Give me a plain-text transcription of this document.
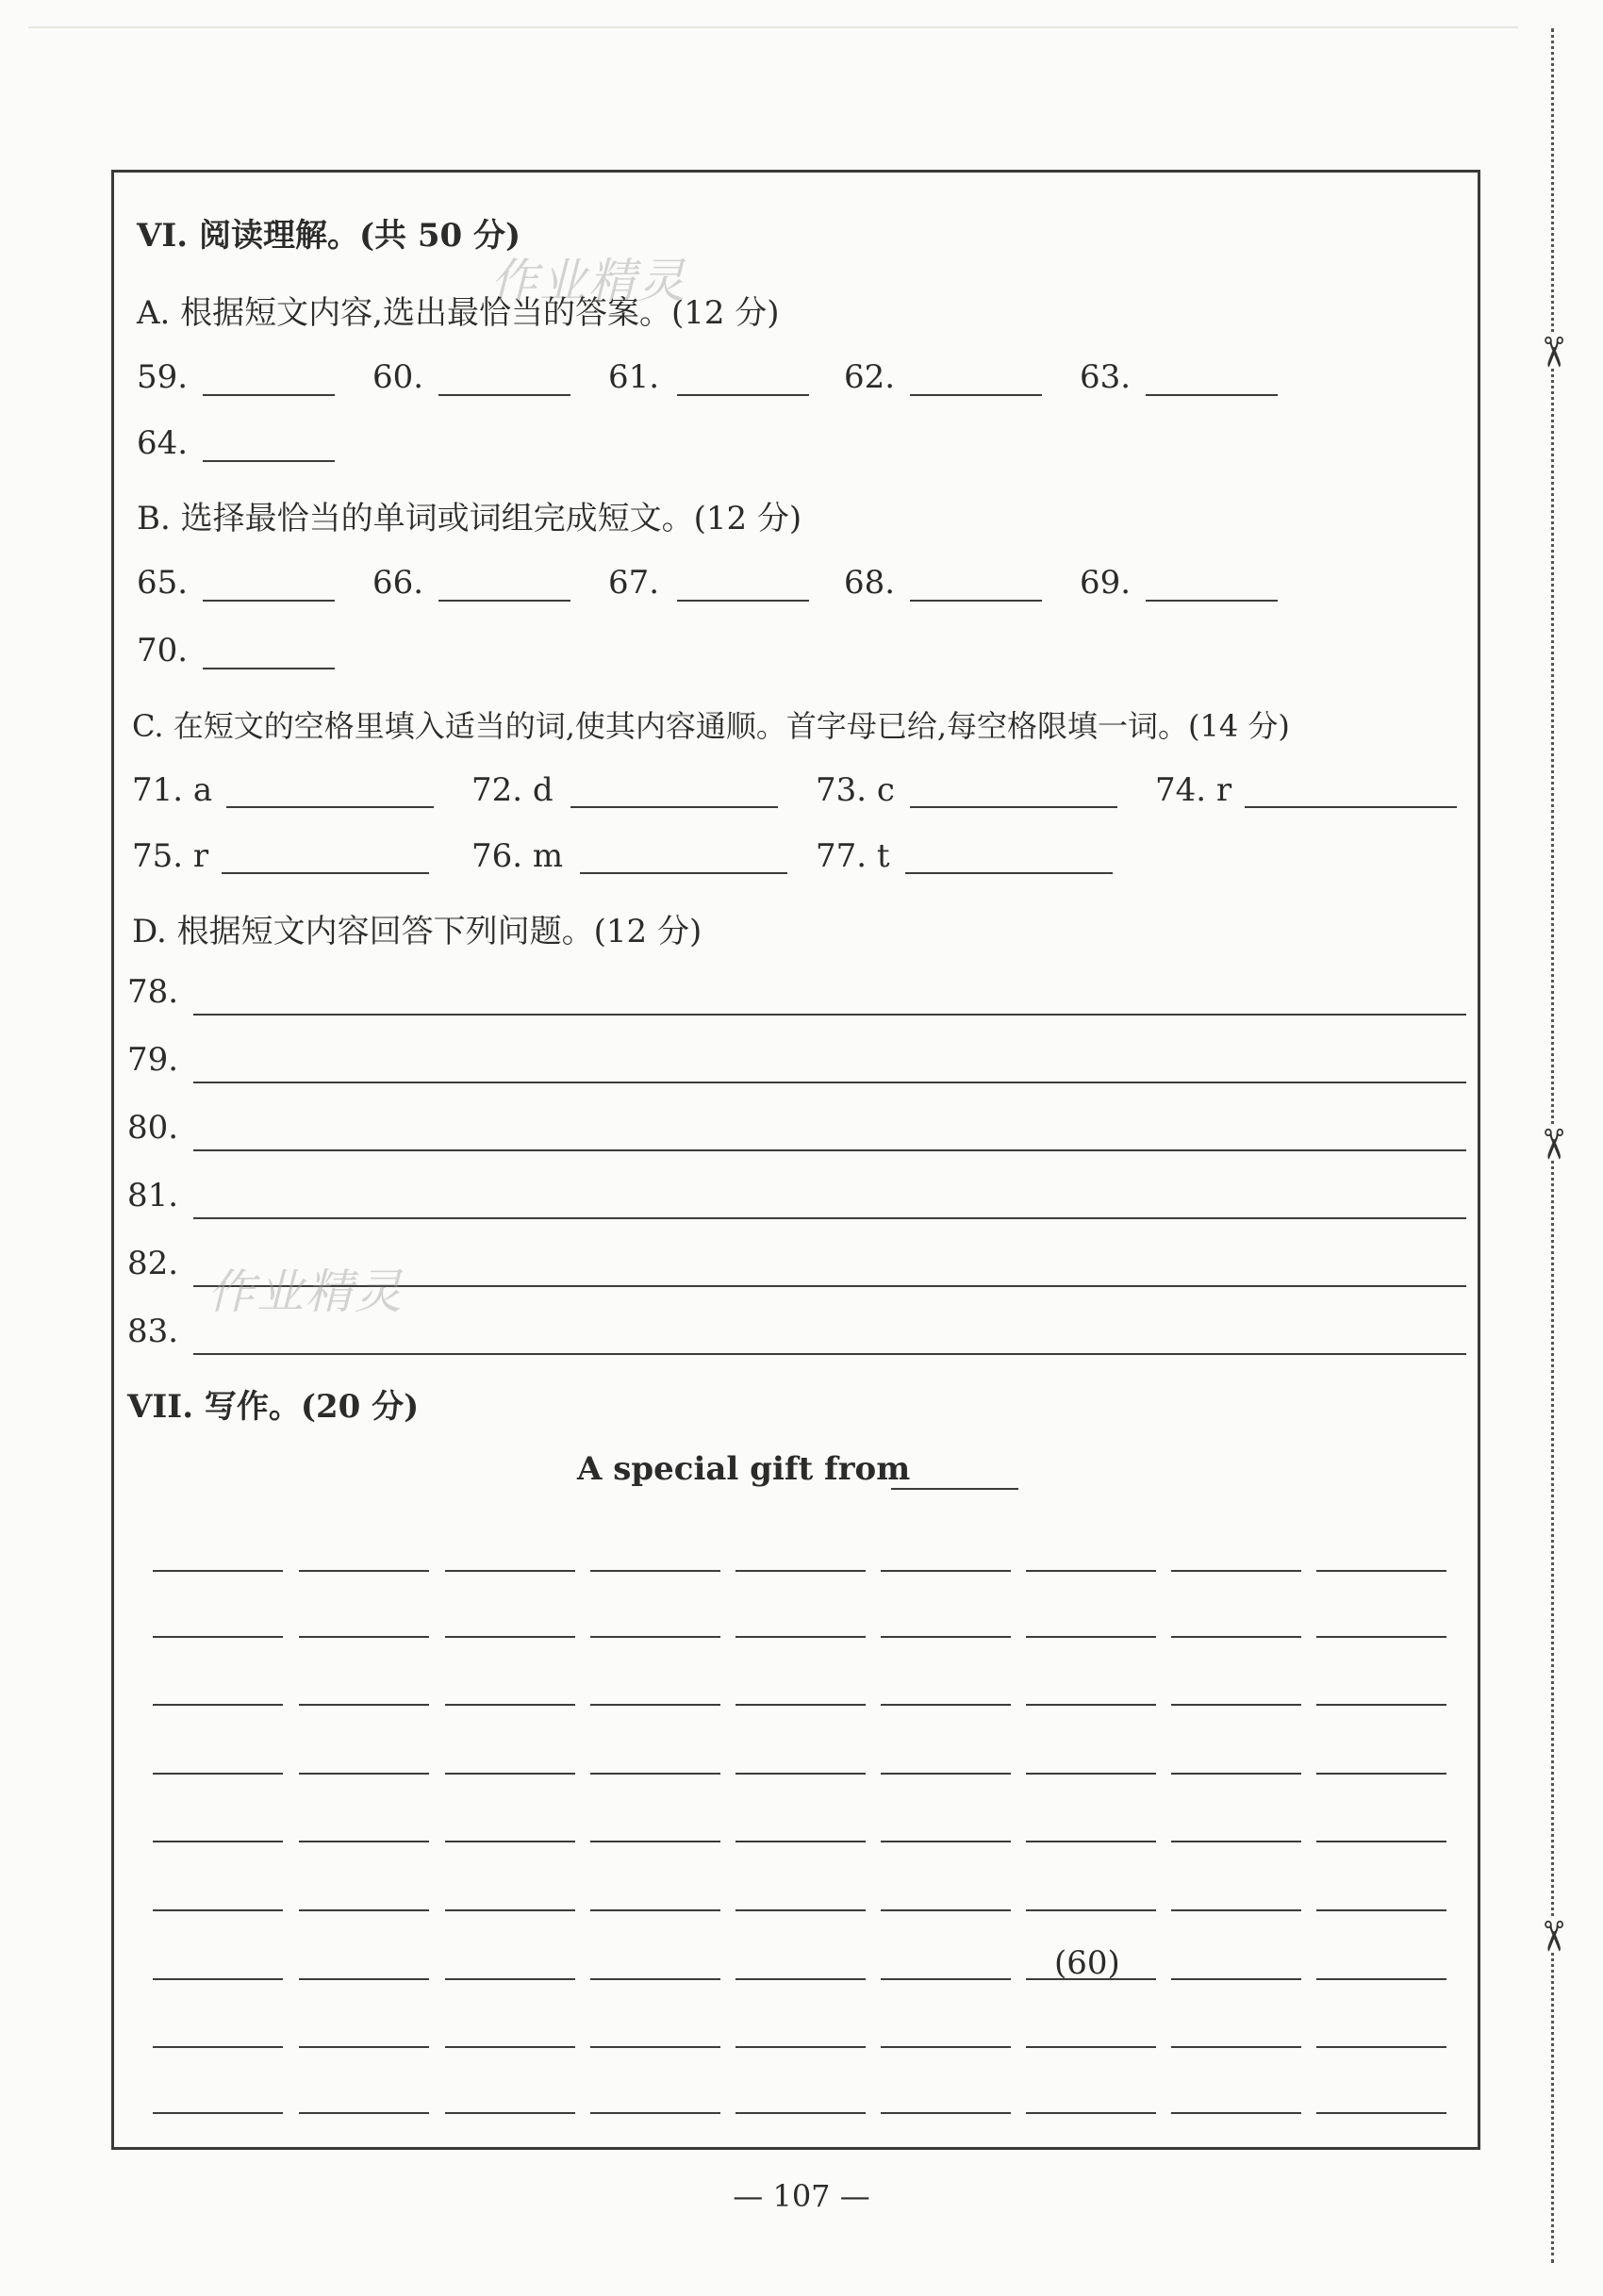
✂
✂
✂
VI. 阅读理解。(共 50 分)
作业精灵
A. 根据短文内容,选出最恰当的答案。(12 分)
59.	60.	61.	62.	63.
64.
B. 选择最恰当的单词或词组完成短文。(12 分)
65.	66.	67.	68.	69.
70.
C. 在短文的空格里填入适当的词,使其内容通顺。首字母已给,每空格限填一词。(14 分)
71. a	72. d	73. c	74. r
75. r	76. m	77. t
D. 根据短文内容回答下列问题。(12 分)
78.
79.
80.
81.
82.
作业精灵
83.
VII. 写作。(20 分)
A special gift from
(60)
— 107 —
